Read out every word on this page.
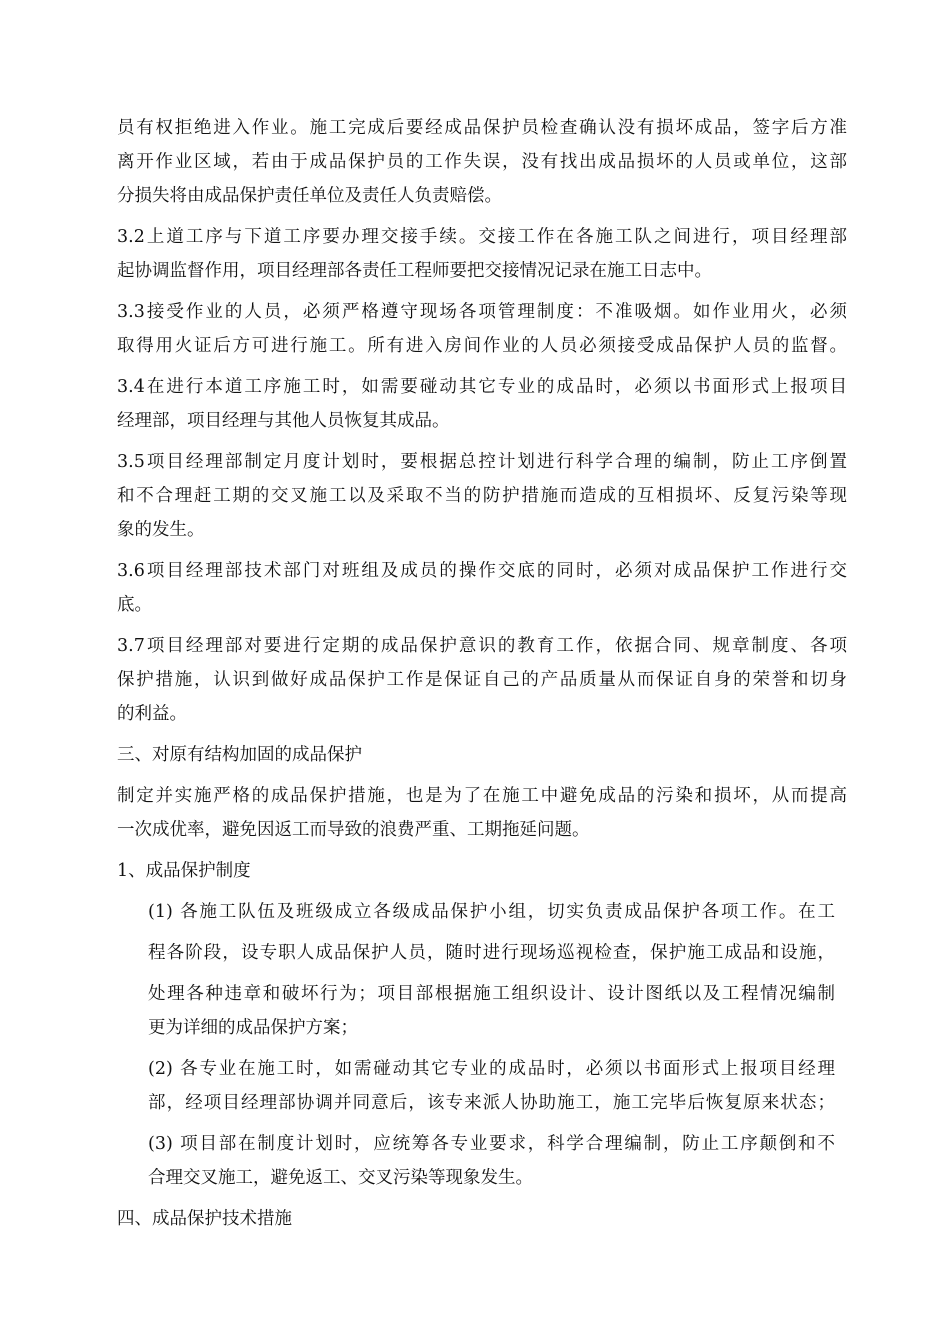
员有权拒绝进入作业。施工完成后要经成品保护员检查确认没有损坏成品，签字后方准
离开作业区域，若由于成品保护员的工作失误，没有找出成品损坏的人员或单位，这部
分损失将由成品保护责任单位及责任人负责赔偿。
3.2上道工序与下道工序要办理交接手续。交接工作在各施工队之间进行，项目经理部
起协调监督作用，项目经理部各责任工程师要把交接情况记录在施工日志中。
3.3接受作业的人员，必须严格遵守现场各项管理制度：不准吸烟。如作业用火，必须
取得用火证后方可进行施工。所有进入房间作业的人员必须接受成品保护人员的监督。
3.4在进行本道工序施工时，如需要碰动其它专业的成品时，必须以书面形式上报项目
经理部，项目经理与其他人员恢复其成品。
3.5项目经理部制定月度计划时，要根据总控计划进行科学合理的编制，防止工序倒置
和不合理赶工期的交叉施工以及采取不当的防护措施而造成的互相损坏、反复污染等现
象的发生。
3.6项目经理部技术部门对班组及成员的操作交底的同时，必须对成品保护工作进行交
底。
3.7项目经理部对要进行定期的成品保护意识的教育工作，依据合同、规章制度、各项
保护措施，认识到做好成品保护工作是保证自己的产品质量从而保证自身的荣誉和切身
的利益。
三、对原有结构加固的成品保护
制定并实施严格的成品保护措施，也是为了在施工中避免成品的污染和损坏，从而提高
一次成优率，避免因返工而导致的浪费严重、工期拖延问题。
1、成品保护制度
(1) 各施工队伍及班级成立各级成品保护小组，切实负责成品保护各项工作。在工
程各阶段，设专职人成品保护人员，随时进行现场巡视检查，保护施工成品和设施，
处理各种违章和破坏行为；项目部根据施工组织设计、设计图纸以及工程情况编制
更为详细的成品保护方案；
(2) 各专业在施工时，如需碰动其它专业的成品时，必须以书面形式上报项目经理
部，经项目经理部协调并同意后，该专来派人协助施工，施工完毕后恢复原来状态；
(3) 项目部在制度计划时，应统筹各专业要求，科学合理编制，防止工序颠倒和不
合理交叉施工，避免返工、交叉污染等现象发生。
四、成品保护技术措施
